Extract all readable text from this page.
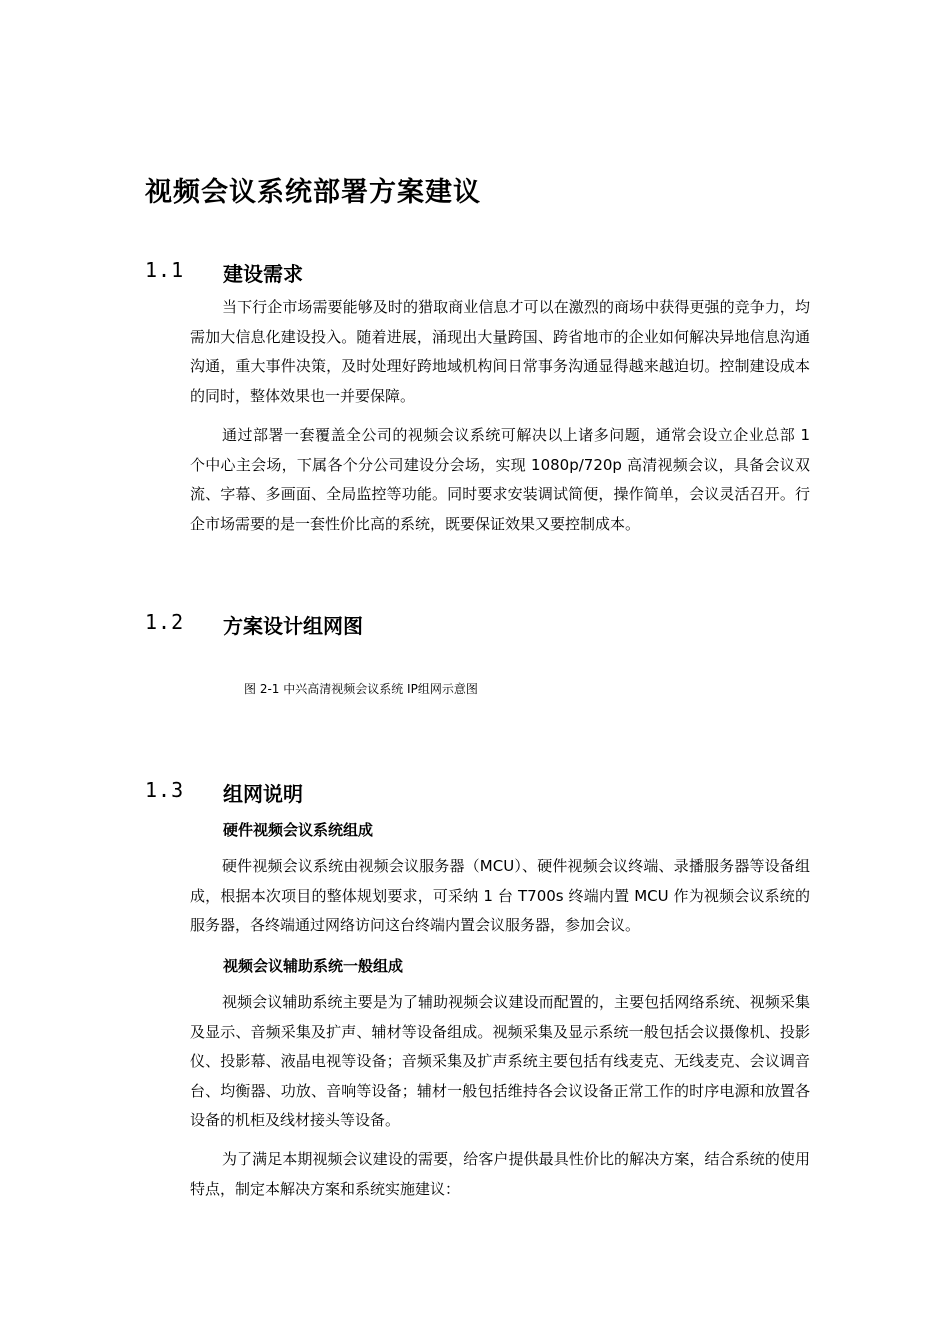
视频会议系统部署方案建议
1.1 建设需求

当下行企市场需要能够及时的猎取商业信息才可以在激烈的商场中获得更强的竞争力，均需加大信息化建设投入。随着进展，涌现出大量跨国、跨省地市的企业如何解决异地信息沟通沟通，重大事件决策，及时处理好跨地域机构间日常事务沟通显得越来越迫切。控制建设成本的同时，整体效果也一并要保障。

通过部署一套覆盖全公司的视频会议系统可解决以上诸多问题，通常会设立企业总部 1 个中心主会场，下属各个分公司建设分会场，实现 1080p/720p 高清视频会议，具备会议双流、字幕、多画面、全局监控等功能。同时要求安装调试简便，操作简单，会议灵活召开。行企市场需要的是一套性价比高的系统，既要保证效果又要控制成本。

1.2 方案设计组网图
图 2-1 中兴高清视频会议系统 IP组网示意图
1.3 组网说明
硬件视频会议系统组成

硬件视频会议系统由视频会议服务器（MCU）、硬件视频会议终端、录播服务器等设备组成，根据本次项目的整体规划要求，可采纳 1 台 T700s 终端内置 MCU 作为视频会议系统的服务器，各终端通过网络访问这台终端内置会议服务器，参加会议。

视频会议辅助系统一般组成

视频会议辅助系统主要是为了辅助视频会议建设而配置的，主要包括网络系统、视频采集及显示、音频采集及扩声、辅材等设备组成。视频采集及显示系统一般包括会议摄像机、投影仪、投影幕、液晶电视等设备；音频采集及扩声系统主要包括有线麦克、无线麦克、会议调音台、均衡器、功放、音响等设备；辅材一般包括维持各会议设备正常工作的时序电源和放置各设备的机柜及线材接头等设备。

为了满足本期视频会议建设的需要，给客户提供最具性价比的解决方案，结合系统的使用特点，制定本解决方案和系统实施建议：
